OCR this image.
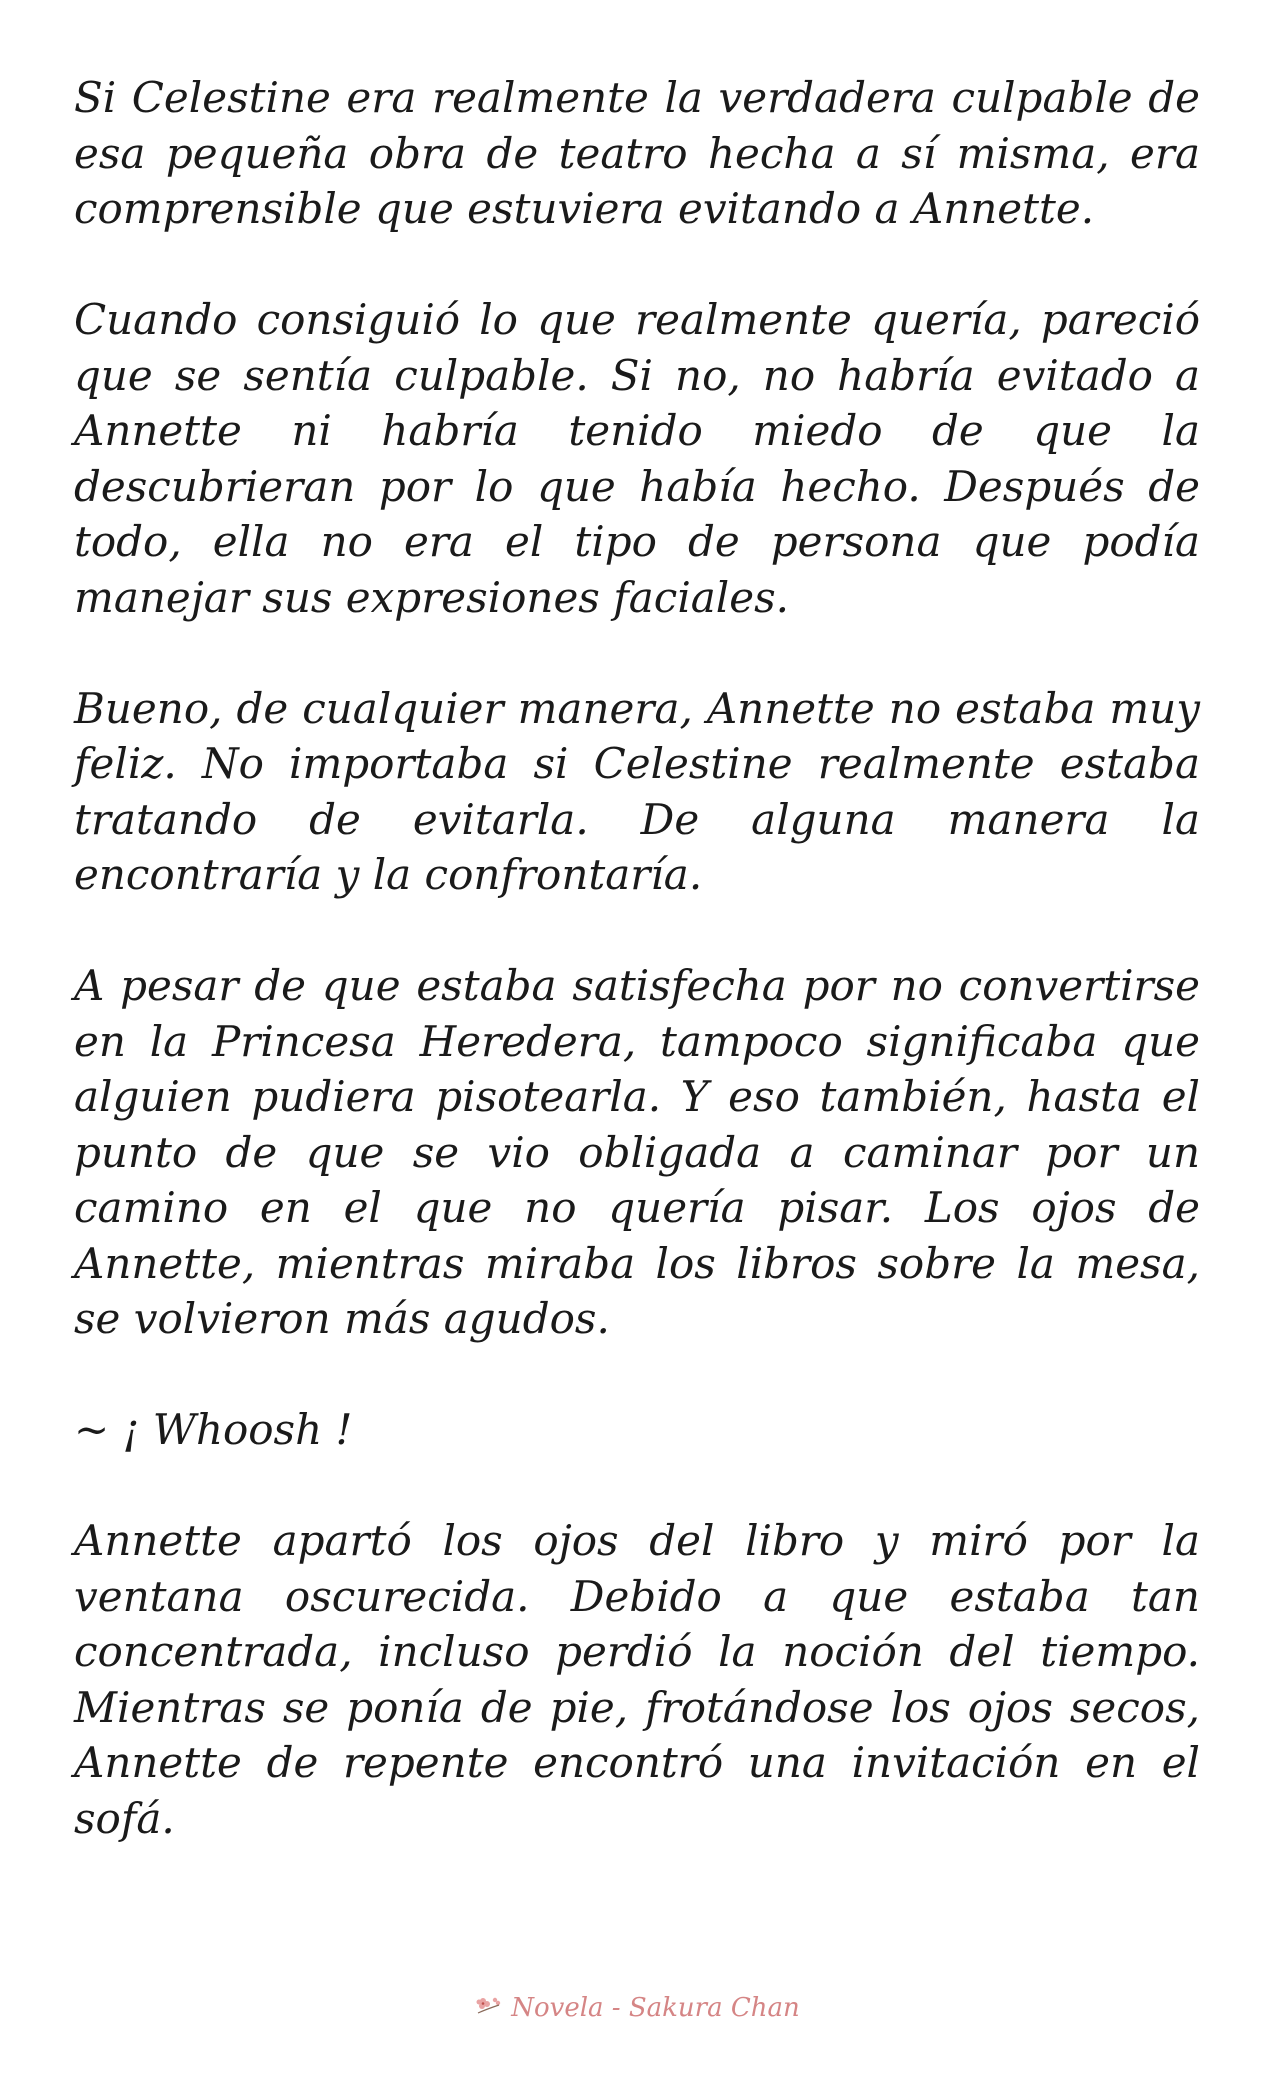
Si Celestine era realmente la verdadera culpable de esa pequeña obra de teatro hecha a sí misma, era comprensible que estuviera evitando a Annette.

Cuando consiguió lo que realmente quería, pareció que se sentía culpable. Si no, no habría evitado a Annette ni habría tenido miedo de que la descubrieran por lo que había hecho. Después de todo, ella no era el tipo de persona que podía manejar sus expresiones faciales.

Bueno, de cualquier manera, Annette no estaba muy feliz. No importaba si Celestine realmente estaba tratando de evitarla. De alguna manera la encontraría y la confrontaría.

A pesar de que estaba satisfecha por no convertirse en la Princesa Heredera, tampoco significaba que alguien pudiera pisotearla. Y eso también, hasta el punto de que se vio obligada a caminar por un camino en el que no quería pisar. Los ojos de Annette, mientras miraba los libros sobre la mesa, se volvieron más agudos.

~ ¡ Whoosh !

Annette apartó los ojos del libro y miró por la ventana oscurecida. Debido a que estaba tan concentrada, incluso perdió la noción del tiempo. Mientras se ponía de pie, frotándose los ojos secos, Annette de repente encontró una invitación en el sofá.

Novela - Sakura Chan
